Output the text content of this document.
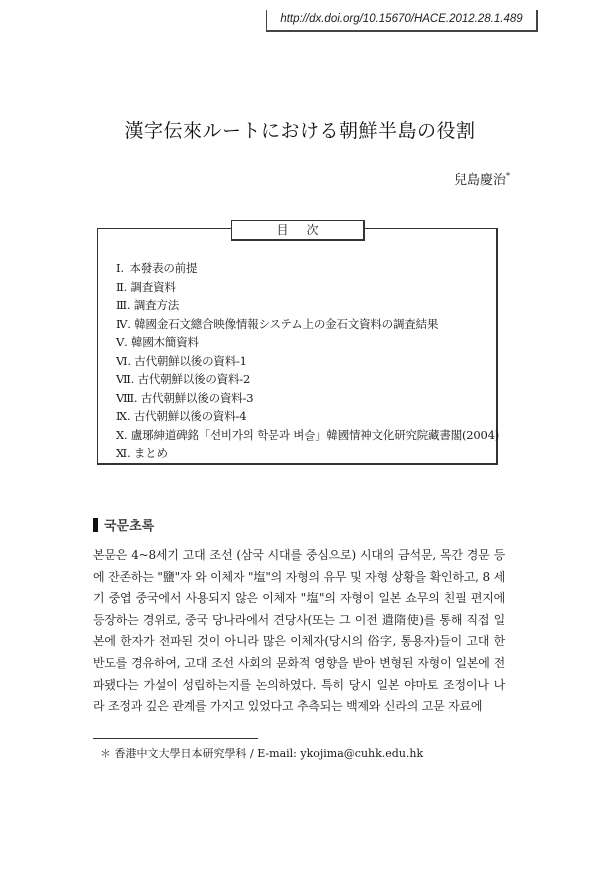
http://dx.doi.org/10.15670/HACE.2012.28.1.489
漢字伝來ルートにおける朝鮮半島の役割
兒島慶治*
目次
Ⅰ. 本發表の前提
Ⅱ. 調査資料
Ⅲ. 調査方法
Ⅳ. 韓國金石文總合映像情報システム上の金石文資料の調査結果
Ⅴ. 韓國木簡資料
Ⅵ. 古代朝鮮以後の資料-1
Ⅶ. 古代朝鮮以後の資料-2
Ⅷ. 古代朝鮮以後の資料-3
Ⅸ. 古代朝鮮以後の資料-4
Ⅹ. 盧琊紳道碑銘「선비가의 학문과 벼슬」韓國情神文化研究院藏書閣(2004)
Ⅺ. まとめ
국문초록

본문은 4~8세기 고대 조선 (삼국 시대를 중심으로) 시대의 금석문, 목간 경문 등에 잔존하는 "鹽"자 와 이체자 "塩"의 자형의 유무 및 자형 상황을 확인하고, 8 세기 중엽 중국에서 사용되지 않은 이체자 "塩"의 자형이 일본 쇼무의 친필 편지에 등장하는 경위로, 중국 당나라에서 견당사(또는 그 이전 遣隋使)를 통해 직접 일본에 한자가 전파된 것이 아니라 많은 이체자(당시의 俗字, 통용자)들이 고대 한반도를 경유하여, 고대 조선 사회의 문화적 영향을 받아 변형된 자형이 일본에 전파됐다는 가설이 성립하는지를 논의하였다. 특히 당시 일본 야마토 조정이나 나라 조정과 깊은 관계를 가지고 있었다고 추측되는 백제와 신라의 고문 자료에

＊ 香港中文大學日本研究學科 / E-mail: ykojima@cuhk.edu.hk
